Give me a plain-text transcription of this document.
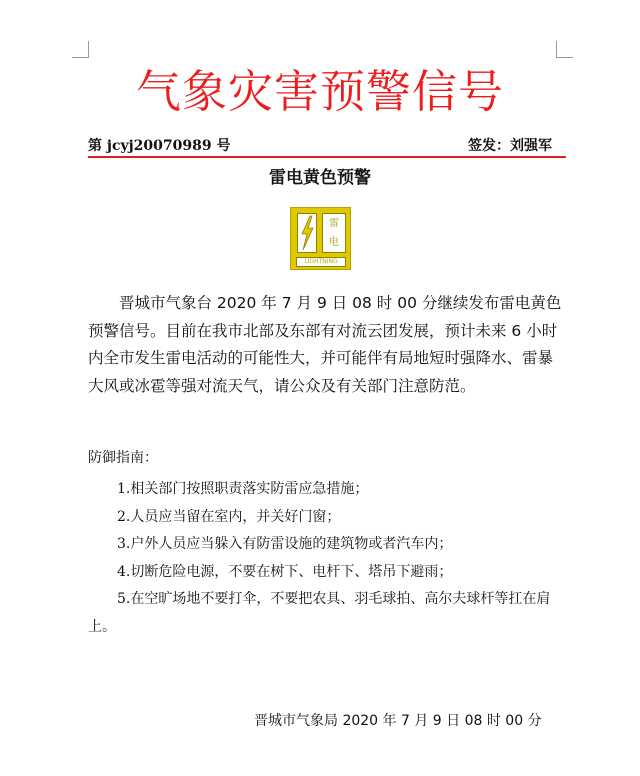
气象灾害预警信号
第 jcyj20070989 号	签发：刘强军
雷电黄色预警
雷
电
LIGHTNING

晋城市气象台 2020 年 7 月 9 日 08 时 00 分继续发布雷电黄色预警信号。目前在我市北部及东部有对流云团发展，预计未来 6 小时内全市发生雷电活动的可能性大，并可能伴有局地短时强降水、雷暴大风或冰雹等强对流天气，请公众及有关部门注意防范。

防御指南：
1.相关部门按照职责落实防雷应急措施；
2.人员应当留在室内，并关好门窗；
3.户外人员应当躲入有防雷设施的建筑物或者汽车内；
4.切断危险电源，不要在树下、电杆下、塔吊下避雨；
5.在空旷场地不要打伞，不要把农具、羽毛球拍、高尔夫球杆等扛在肩上。
晋城市气象局 2020 年 7 月 9 日 08 时 00 分
